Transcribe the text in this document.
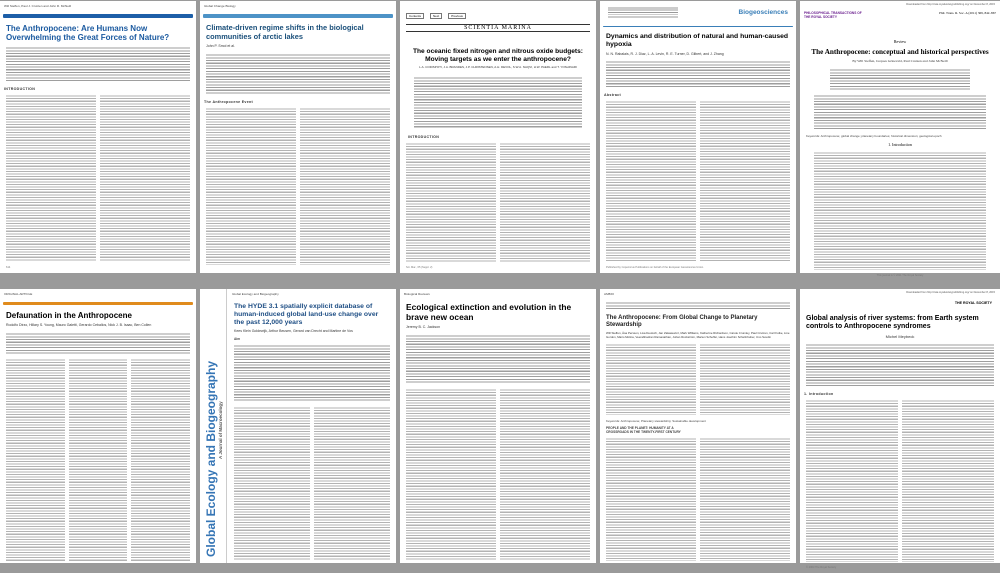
Will Steffen, Paul J. Crutzen and John R. McNeill
The Anthropocene: Are Humans Now Overwhelming the Great Forces of Nature?
INTRODUCTION
614
Global Change Biology
Climate-driven regime shifts in the biological communities of arctic lakes
John P. Smol et al.
The Anthropocene Event
Contents	Next	Previous
SCIENTIA MARINA
The oceanic fixed nitrogen and nitrous oxide budgets: Moving targets as we enter the anthropocene?
L.A. CODISPOTI, J.A. BRANDES, J.P. CHRISTENSEN, A.H. DEVOL, S.W.A. NAQVI, H.W. PAERL and T. YOSHINARI
INTRODUCTION
Sci. Mar., 65 (Suppl. 2)
Biogeosciences
Dynamics and distribution of natural and human-caused hypoxia
N. N. Rabalais, R. J. Diaz, L. A. Levin, R. E. Turner, D. Gilbert, and J. Zhang
Abstract
Published by Copernicus Publications on behalf of the European Geosciences Union.
Downloaded from http://rsta.royalsocietypublishing.org/ on December 8, 2015
PHILOSOPHICAL TRANSACTIONS OF THE ROYAL SOCIETY
Phil. Trans. R. Soc. A (2011) 369, 842–867
Review
The Anthropocene: conceptual and historical perspectives
By Will Steffen, Jacques Grinevald, Paul Crutzen and John McNeill
Keywords: Anthropocene; global change; planetary boundaries; historical dimension; geological epoch
1. Introduction
This journal is © 2011 The Royal Society
ORIGINAL ARTICLE
Defaunation in the Anthropocene
Rodolfo Dirzo, Hillary S. Young, Mauro Galetti, Gerardo Ceballos, Nick J. B. Isaac, Ben Collen
Global Ecology and Biogeography A Journal of Macroecology
Global Ecology and Biogeography
The HYDE 3.1 spatially explicit database of human-induced global land-use change over the past 12,000 years
Kees Klein Goldewijk, Arthur Beusen, Gerard van Drecht and Martine de Vos
Aim
Biological Reviews
Ecological extinction and evolution in the brave new ocean
Jeremy B. C. Jackson
AMBIO
The Anthropocene: From Global Change to Planetary Stewardship
Will Steffen, Åsa Persson, Lisa Deutsch, Jan Zalasiewicz, Mark Williams, Katherine Richardson, Carole Crumley, Paul Crutzen, Carl Folke, Line Gordon, Mario Molina, Veerabhadran Ramanathan, Johan Rockström, Marten Scheffer, Hans Joachim Schellnhuber, Uno Svedin
Keywords: Anthropocene; Planetary stewardship; Sustainable development
PEOPLE AND THE PLANET: HUMANITY AT A CROSSROADS IN THE TWENTY-FIRST CENTURY
Downloaded from http://rsta.royalsocietypublishing.org/ on December 8, 2015
THE ROYAL SOCIETY
Global analysis of river systems: from Earth system controls to Anthropocene syndromes
Michel Meybeck
1. Introduction
© 2003 The Royal Society
